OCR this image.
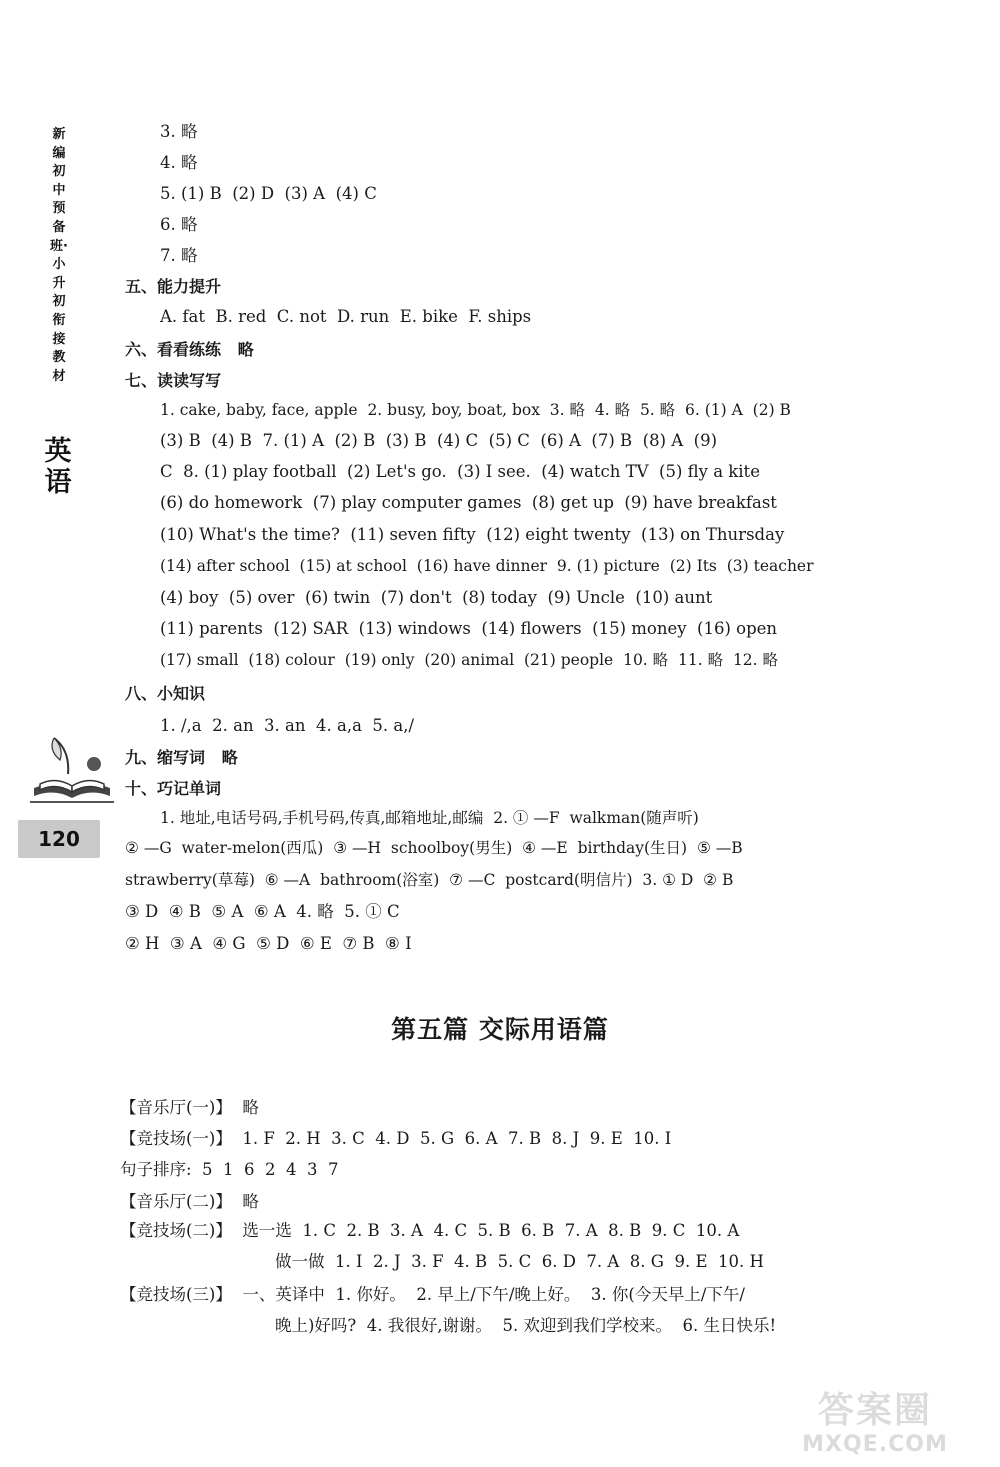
新编初中预备班·小升初衔接教材
英语
120
3. 略
4. 略
5. (1) B  (2) D  (3) A  (4) C
6. 略
7. 略
五、能力提升
A. fat  B. red  C. not  D. run  E. bike  F. ships
六、看看练练   略
七、读读写写
1. cake, baby, face, apple  2. busy, boy, boat, box  3. 略  4. 略  5. 略  6. (1) A  (2) B
(3) B  (4) B  7. (1) A  (2) B  (3) B  (4) C  (5) C  (6) A  (7) B  (8) A  (9)
C  8. (1) play football  (2) Let's go.  (3) I see.  (4) watch TV  (5) fly a kite
(6) do homework  (7) play computer games  (8) get up  (9) have breakfast
(10) What's the time?  (11) seven fifty  (12) eight twenty  (13) on Thursday
(14) after school  (15) at school  (16) have dinner  9. (1) picture  (2) Its  (3) teacher
(4) boy  (5) over  (6) twin  (7) don't  (8) today  (9) Uncle  (10) aunt
(11) parents  (12) SAR  (13) windows  (14) flowers  (15) money  (16) open
(17) small  (18) colour  (19) only  (20) animal  (21) people  10. 略  11. 略  12. 略
八、小知识
1. /,a  2. an  3. an  4. a,a  5. a,/
九、缩写词   略
十、巧记单词
1. 地址,电话号码,手机号码,传真,邮箱地址,邮编  2. ① —F  walkman(随声听)
② —G  water-melon(西瓜)  ③ —H  schoolboy(男生)  ④ —E  birthday(生日)  ⑤ —B
strawberry(草莓)  ⑥ —A  bathroom(浴室)  ⑦ —C  postcard(明信片)  3. ① D  ② B
③ D  ④ B  ⑤ A  ⑥ A  4. 略  5. ① C
② H  ③ A  ④ G  ⑤ D  ⑥ E  ⑦ B  ⑧ I
第五篇 交际用语篇
【音乐厅(一)】  略
【竞技场(一)】  1. F  2. H  3. C  4. D  5. G  6. A  7. B  8. J  9. E  10. I
句子排序:  5  1  6  2  4  3  7
【音乐厅(二)】  略
【竞技场(二)】  选一选  1. C  2. B  3. A  4. C  5. B  6. B  7. A  8. B  9. C  10. A
做一做  1. I  2. J  3. F  4. B  5. C  6. D  7. A  8. G  9. E  10. H
【竞技场(三)】  一、英译中  1. 你好。  2. 早上/下午/晚上好。  3. 你(今天早上/下午/
晚上)好吗?  4. 我很好,谢谢。  5. 欢迎到我们学校来。  6. 生日快乐!
答案圈
MXQE.COM
